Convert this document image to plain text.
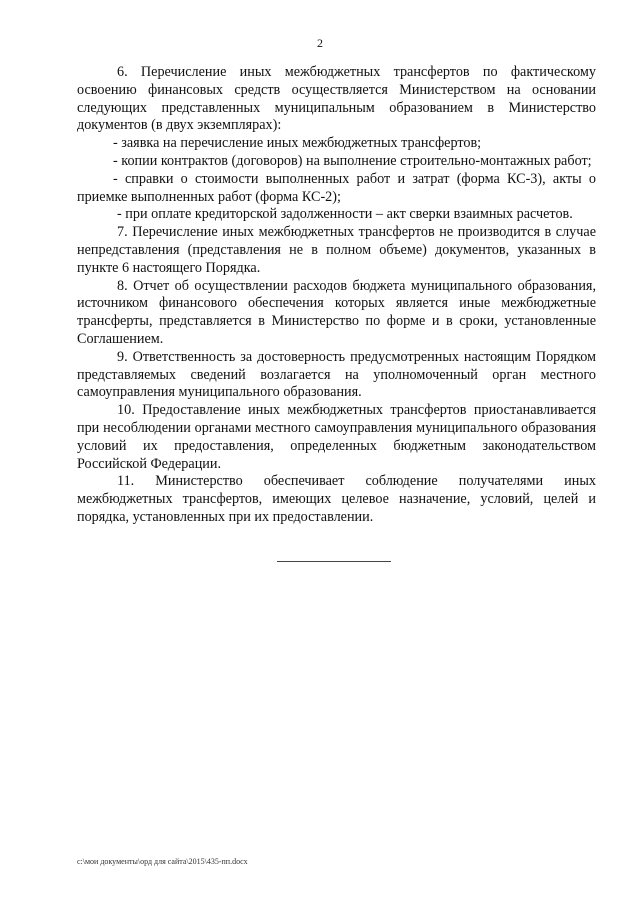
2

6. Перечисление иных межбюджетных трансфертов по фактическому освоению финансовых средств осуществляется Министерством на основании следующих представленных муниципальным образованием в Министерство документов (в двух экземплярах):

- заявка на перечисление иных межбюджетных трансфертов;

- копии контрактов (договоров) на выполнение строительно-монтажных работ;

- справки о стоимости выполненных работ и затрат (форма КС-3), акты о приемке выполненных работ (форма КС-2);

- при оплате кредиторской задолженности – акт сверки взаимных расчетов.

7. Перечисление иных межбюджетных трансфертов не производится в случае непредставления (представления не в полном объеме) документов, указанных в пункте 6 настоящего Порядка.

8. Отчет об осуществлении расходов бюджета муниципального образования, источником финансового обеспечения которых является иные межбюджетные трансферты, представляется в Министерство по форме и в сроки, установленные Соглашением.

9. Ответственность за достоверность предусмотренных настоящим Порядком представляемых сведений возлагается на уполномоченный орган местного самоуправления муниципального образования.

10. Предоставление иных межбюджетных трансфертов приостанавливается при несоблюдении органами местного самоуправления муниципального образования условий их предоставления, определенных бюджетным законодательством Российской Федерации.

11. Министерство обеспечивает соблюдение получателями иных межбюджетных трансфертов, имеющих целевое назначение, условий, целей и порядка, установленных при их предоставлении.

c:\мои документы\орд для сайта\2015\435-пп.docx
